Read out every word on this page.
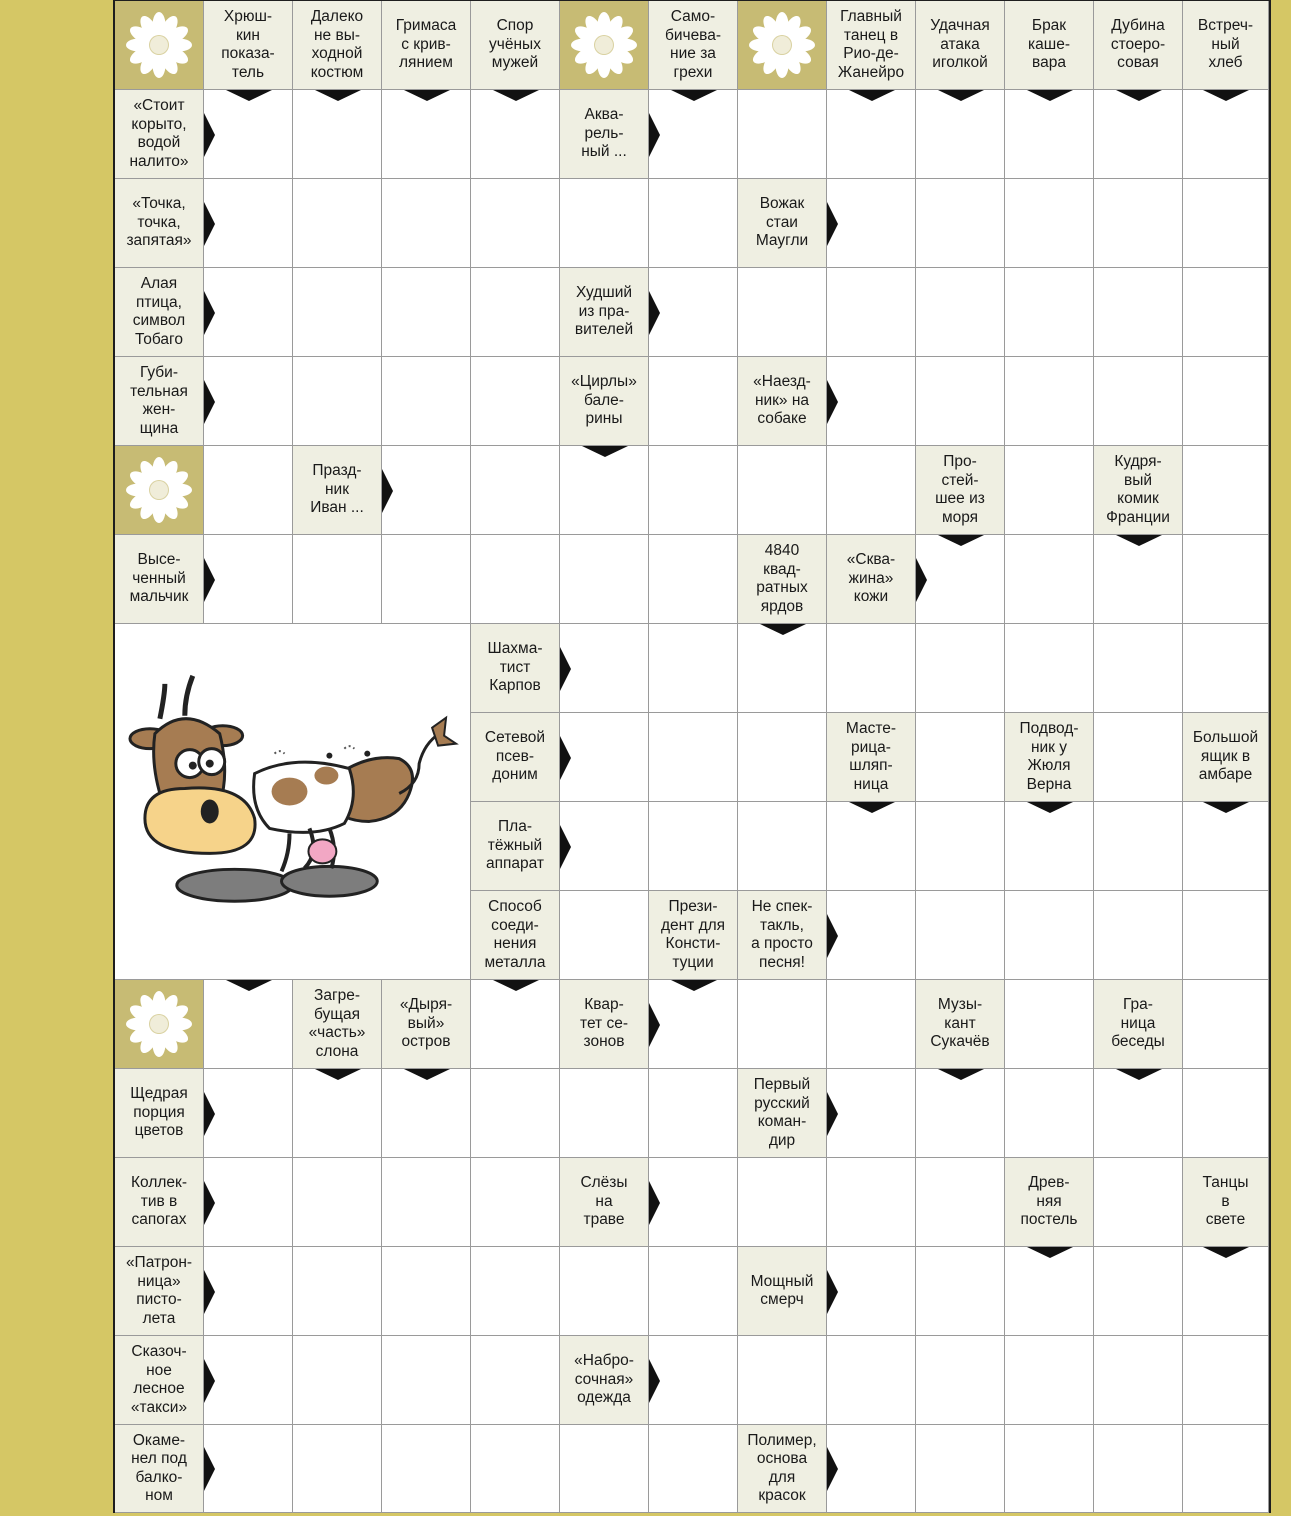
Хрюш-
кин
показа-
тель
Далеко
не вы-
ходной
костюм
Гримаса
с крив-
лянием
Спор
учёных
мужей
Само-
бичева-
ние за
грехи
Главный
танец в
Рио-де-
Жанейро
Удачная
атака
иголкой
Брак
каше-
вара
Дубина
стоеро-
совая
Встреч-
ный
хлеб
«Стоит
корыто,
водой
налито»
Аква-
рель-
ный ...
«Точка,
точка,
запятая»
Вожак
стаи
Маугли
Алая
птица,
символ
Тобаго
Худший
из пра-
вителей
Губи-
тельная
жен-
щина
«Цирлы»
бале-
рины
«Наезд-
ник» на
собаке
Празд-
ник
Иван ...
Про-
стей-
шее из
моря
Кудря-
вый
комик
Франции
Высе-
ченный
мальчик
4840
квад-
ратных
ярдов
«Сква-
жина»
кожи
Шахма-
тист
Карпов
Сетевой
псев-
доним
Масте-
рица-
шляп-
ница
Подвод-
ник у
Жюля
Верна
Большой
ящик в
амбаре
Пла-
тёжный
аппарат
Способ
соеди-
нения
металла
Прези-
дент для
Консти-
туции
Не спек-
такль,
а просто
песня!
Загре-
бущая
«часть»
слона
«Дыря-
вый»
остров
Квар-
тет се-
зонов
Музы-
кант
Сукачёв
Гра-
ница
беседы
Щедрая
порция
цветов
Первый
русский
коман-
дир
Коллек-
тив в
сапогах
Слёзы
на
траве
Древ-
няя
постель
Танцы
в
свете
«Патрон-
ница»
писто-
лета
Мощный
смерч
Сказоч-
ное
лесное
«такси»
«Набро-
сочная»
одежда
Окаме-
нел под
балко-
ном
Полимер,
основа
для
красок
